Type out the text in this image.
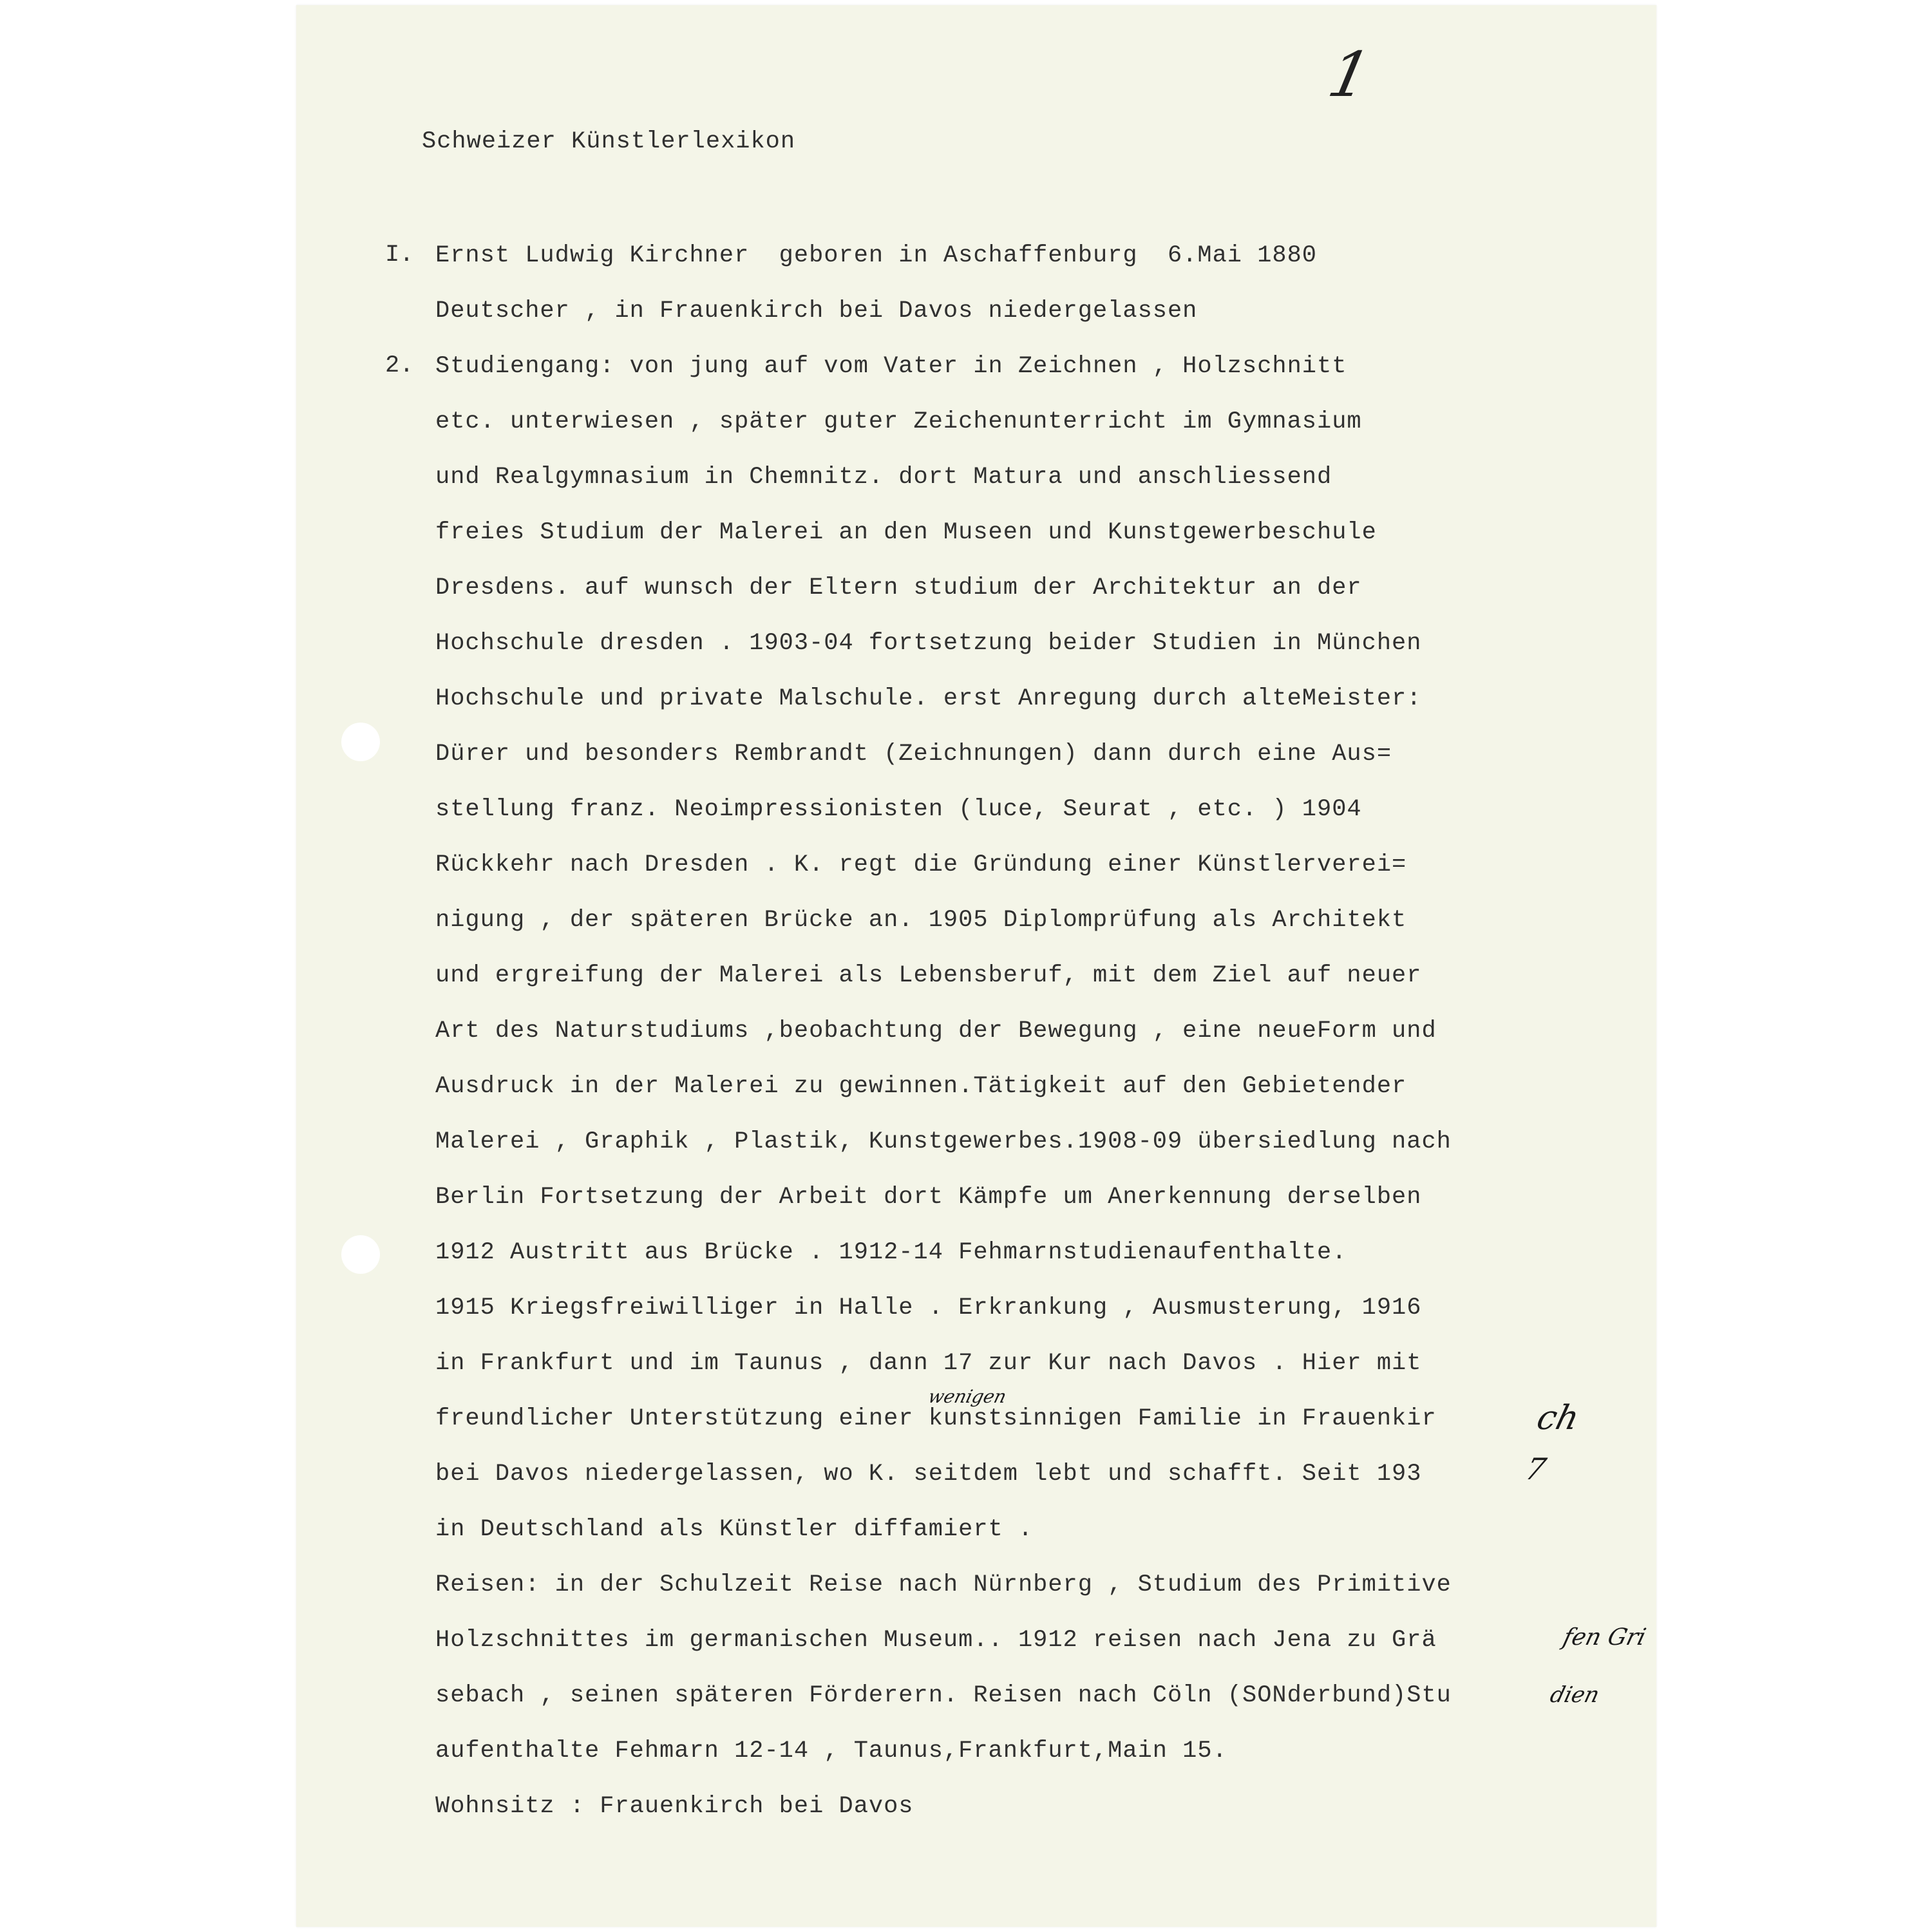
1
Schweizer Künstlerlexikon
I.
2.
Ernst Ludwig Kirchner  geboren in Aschaffenburg  6.Mai 1880
Deutscher , in Frauenkirch bei Davos niedergelassen
Studiengang: von jung auf vom Vater in Zeichnen , Holzschnitt
etc. unterwiesen , später guter Zeichenunterricht im Gymnasium
und Realgymnasium in Chemnitz. dort Matura und anschliessend
freies Studium der Malerei an den Museen und Kunstgewerbeschule
Dresdens. auf wunsch der Eltern studium der Architektur an der
Hochschule dresden . 1903-04 fortsetzung beider Studien in München
Hochschule und private Malschule. erst Anregung durch alteMeister:
Dürer und besonders Rembrandt (Zeichnungen) dann durch eine Aus=
stellung franz. Neoimpressionisten (luce, Seurat , etc. ) 1904
Rückkehr nach Dresden . K. regt die Gründung einer Künstlerverei=
nigung , der späteren Brücke an. 1905 Diplomprüfung als Architekt
und ergreifung der Malerei als Lebensberuf, mit dem Ziel auf neuer
Art des Naturstudiums ,beobachtung der Bewegung , eine neueForm und
Ausdruck in der Malerei zu gewinnen.Tätigkeit auf den Gebietender
Malerei , Graphik , Plastik, Kunstgewerbes.1908-09 übersiedlung nach
Berlin Fortsetzung der Arbeit dort Kämpfe um Anerkennung derselben
1912 Austritt aus Brücke . 1912-14 Fehmarnstudienaufenthalte.
1915 Kriegsfreiwilliger in Halle . Erkrankung , Ausmusterung, 1916
in Frankfurt und im Taunus , dann 17 zur Kur nach Davos . Hier mit
freundlicher Unterstützung einer kunstsinnigen Familie in Frauenkir
bei Davos niedergelassen, wo K. seitdem lebt und schafft. Seit 193
in Deutschland als Künstler diffamiert .
Reisen: in der Schulzeit Reise nach Nürnberg , Studium des Primitive
Holzschnittes im germanischen Museum.. 1912 reisen nach Jena zu Grä
sebach , seinen späteren Förderern. Reisen nach Cöln (SONderbund)Stu
aufenthalte Fehmarn 12-14 , Taunus,Frankfurt,Main 15.
Wohnsitz : Frauenkirch bei Davos
wenigen
ch
7
fen Gri
dien
